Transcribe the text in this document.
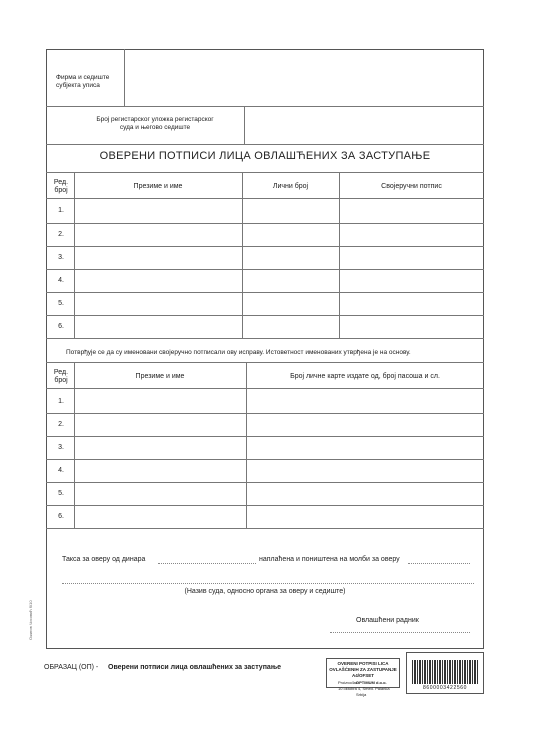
Фирма и седиште
субјекта уписа
Број регистарског уложка регистарског
суда и његово седиште
ОВЕРЕНИ ПОТПИСИ ЛИЦА ОВЛАШЋЕНИХ ЗА ЗАСТУПАЊЕ
Ред.
број
Презиме и име	Лични број	Својеручни потпис
1.
2.
3.
4.
5.
6.
Потврђује се да су именовани својеручно потписали ову исправу. Истоветност именованих утврђена је на основу.
Ред.
број
Презиме и име	Број личне карте издате од, број пасоша и сл.
1.
2.
3.
4.
5.
6.
Такса за оверу од динара	наплаћена и поништена на молби за оверу
(Назив суда, односно органа за оверу и седиште)
Овлашћени радник
Ожигов Чосовић б/10
ОБРАЗАЦ (ОП) - Оверени потписи лица овлашћених за заступање
OVERENI POTPISI LICA
OVLAŠĆENIH ZA ZASTUPANJE
A4/OFSET
Proizvođač:
OPTIMUM d.o.o.
10 oktobra 4, Smed. Palanka
Srbija
8600003422560
